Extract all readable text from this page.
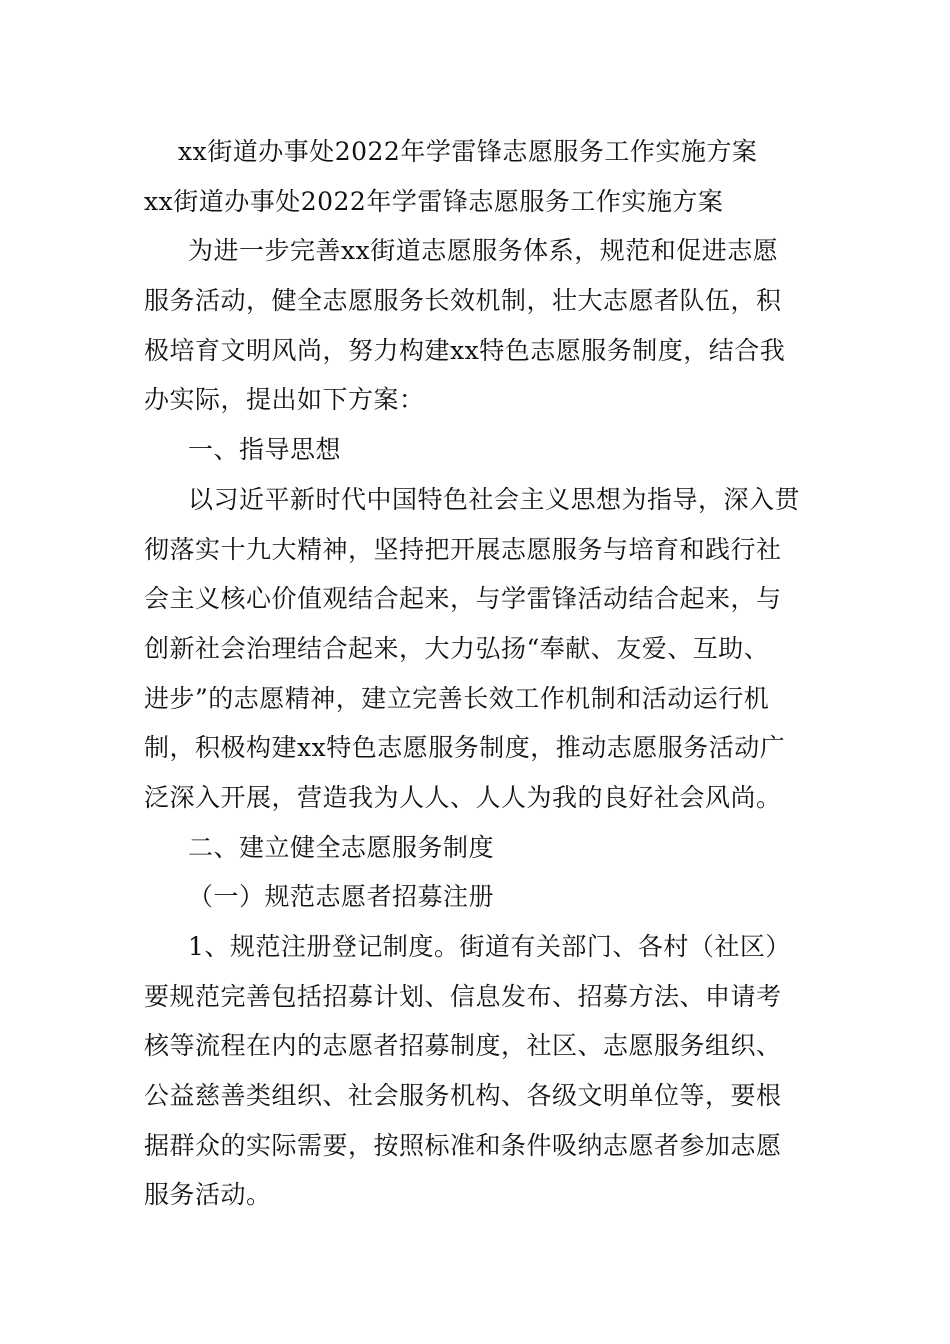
xx街道办事处2022年学雷锋志愿服务工作实施方案
xx街道办事处2022年学雷锋志愿服务工作实施方案
为进一步完善xx街道志愿服务体系，规范和促进志愿
服务活动，健全志愿服务长效机制，壮大志愿者队伍，积
极培育文明风尚，努力构建xx特色志愿服务制度，结合我
办实际，提出如下方案：
一、指导思想
以习近平新时代中国特色社会主义思想为指导，深入贯
彻落实十九大精神，坚持把开展志愿服务与培育和践行社
会主义核心价值观结合起来，与学雷锋活动结合起来，与
创新社会治理结合起来，大力弘扬“奉献、友爱、互助、
进步”的志愿精神，建立完善长效工作机制和活动运行机
制，积极构建xx特色志愿服务制度，推动志愿服务活动广
泛深入开展，营造我为人人、人人为我的良好社会风尚。
二、建立健全志愿服务制度
（一）规范志愿者招募注册
1、规范注册登记制度。街道有关部门、各村（社区）
要规范完善包括招募计划、信息发布、招募方法、申请考
核等流程在内的志愿者招募制度，社区、志愿服务组织、
公益慈善类组织、社会服务机构、各级文明单位等，要根
据群众的实际需要，按照标准和条件吸纳志愿者参加志愿
服务活动。
